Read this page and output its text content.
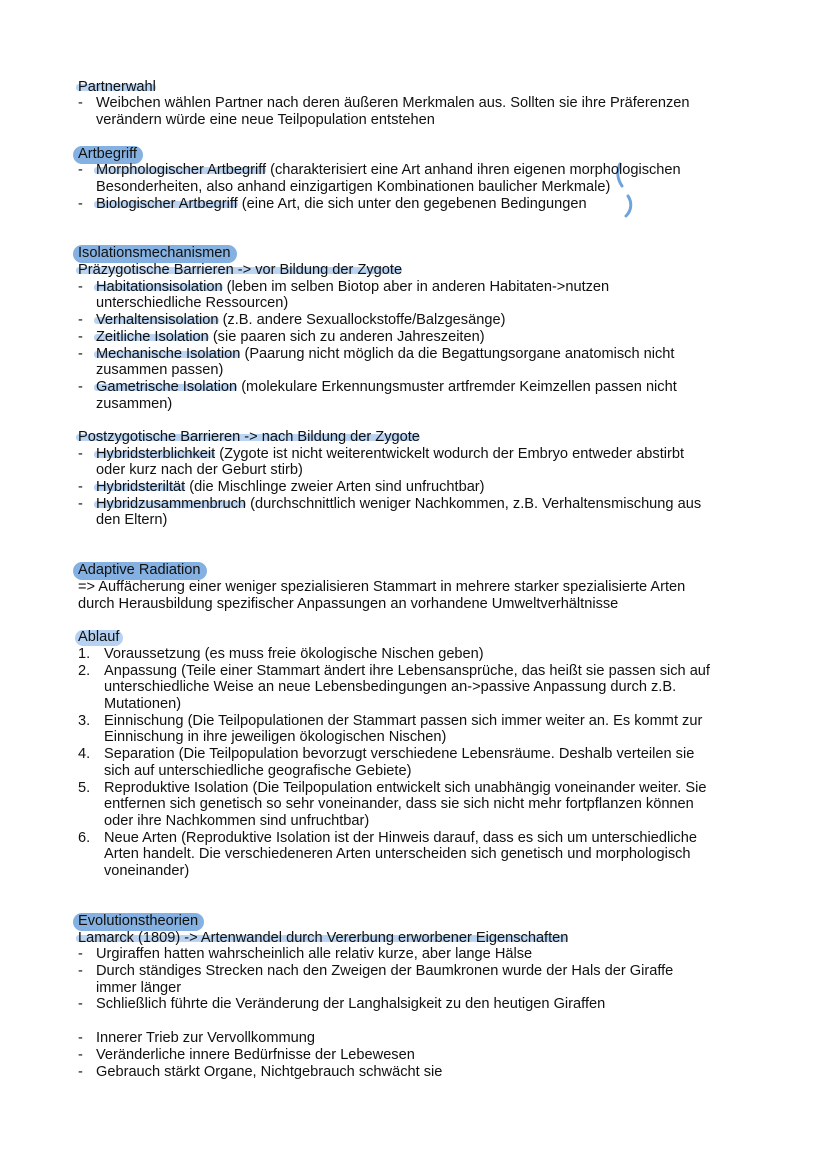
Partnerwahl
- Weibchen wählen Partner nach deren äußeren Merkmalen aus. Sollten sie ihre Präferenzen
verändern würde eine neue Teilpopulation entstehen
Artbegriff
- Morphologischer Artbegriff (charakterisiert eine Art anhand ihren eigenen morphologischen
Besonderheiten, also anhand einzigartigen Kombinationen baulicher Merkmale)
- Biologischer Artbegriff (eine Art, die sich unter den gegebenen Bedingungen
Isolationsmechanismen
Präzygotische Barrieren -> vor Bildung der Zygote
- Habitationsisolation (leben im selben Biotop aber in anderen Habitaten->nutzen
unterschiedliche Ressourcen)
- Verhaltensisolation (z.B. andere Sexuallockstoffe/Balzgesänge)
- Zeitliche Isolation (sie paaren sich zu anderen Jahreszeiten)
- Mechanische Isolation (Paarung nicht möglich da die Begattungsorgane anatomisch nicht
zusammen passen)
- Gametrische Isolation (molekulare Erkennungsmuster artfremder Keimzellen passen nicht
zusammen)
Postzygotische Barrieren -> nach Bildung der Zygote
- Hybridsterblichkeit (Zygote ist nicht weiterentwickelt wodurch der Embryo entweder abstirbt
oder kurz nach der Geburt stirb)
- Hybridsteriltät (die Mischlinge zweier Arten sind unfruchtbar)
- Hybridzusammenbruch (durchschnittlich weniger Nachkommen, z.B. Verhaltensmischung aus
den Eltern)
Adaptive Radiation
=> Auffächerung einer weniger spezialisieren Stammart in mehrere starker spezialisierte Arten
durch Herausbildung spezifischer Anpassungen an vorhandene Umweltverhältnisse
Ablauf
1. Voraussetzung (es muss freie ökologische Nischen geben)
2. Anpassung (Teile einer Stammart ändert ihre Lebensansprüche, das heißt sie passen sich auf
unterschiedliche Weise an neue Lebensbedingungen an->passive Anpassung durch z.B.
Mutationen)
3. Einnischung (Die Teilpopulationen der Stammart passen sich immer weiter an. Es kommt zur
Einnischung in ihre jeweiligen ökologischen Nischen)
4. Separation (Die Teilpopulation bevorzugt verschiedene Lebensräume. Deshalb verteilen sie
sich auf unterschiedliche geografische Gebiete)
5. Reproduktive Isolation (Die Teilpopulation entwickelt sich unabhängig voneinander weiter. Sie
entfernen sich genetisch so sehr voneinander, dass sie sich nicht mehr fortpflanzen können
oder ihre Nachkommen sind unfruchtbar)
6. Neue Arten (Reproduktive Isolation ist der Hinweis darauf, dass es sich um unterschiedliche
Arten handelt. Die verschiedeneren Arten unterscheiden sich genetisch und morphologisch
voneinander)
Evolutionstheorien
Lamarck (1809) -> Artenwandel durch Vererbung erworbener Eigenschaften
- Urgiraffen hatten wahrscheinlich alle relativ kurze, aber lange Hälse
- Durch ständiges Strecken nach den Zweigen der Baumkronen wurde der Hals der Giraffe
immer länger
- Schließlich führte die Veränderung der Langhalsigkeit zu den heutigen Giraffen
- Innerer Trieb zur Vervollkommung
- Veränderliche innere Bedürfnisse der Lebewesen
- Gebrauch stärkt Organe, Nichtgebrauch schwächt sie
